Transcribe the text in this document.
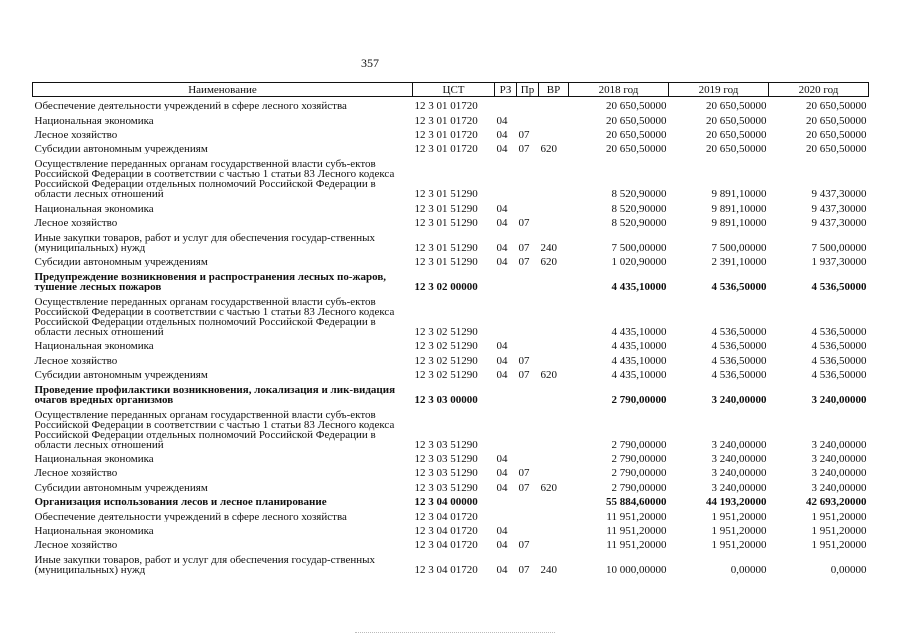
357
Наименование	ЦСТ	РЗ	Пр	ВР	2018 год	2019 год	2020 год
Обеспечение деятельности учреждений в сфере лесного хозяйства	12 3 01 01720				20 650,50000	20 650,50000	20 650,50000
Национальная экономика	12 3 01 01720	04			20 650,50000	20 650,50000	20 650,50000
Лесное хозяйство	12 3 01 01720	04	07		20 650,50000	20 650,50000	20 650,50000
Субсидии автономным учреждениям	12 3 01 01720	04	07	620	20 650,50000	20 650,50000	20 650,50000
Осуществление переданных органам государственной власти субъ-ектов Российской Федерации в соответствии с частью 1 статьи 83 Лесного кодекса Российской Федерации отдельных полномочий Российской Федерации в области лесных отношений	12 3 01 51290				8 520,90000	9 891,10000	9 437,30000
Национальная экономика	12 3 01 51290	04			8 520,90000	9 891,10000	9 437,30000
Лесное хозяйство	12 3 01 51290	04	07		8 520,90000	9 891,10000	9 437,30000
Иные закупки товаров, работ и услуг для обеспечения государ-ственных (муниципальных) нужд	12 3 01 51290	04	07	240	7 500,00000	7 500,00000	7 500,00000
Субсидии автономным учреждениям	12 3 01 51290	04	07	620	1 020,90000	2 391,10000	1 937,30000
Предупреждение возникновения и распространения лесных по-жаров, тушение лесных пожаров	12 3 02 00000				4 435,10000	4 536,50000	4 536,50000
Осуществление переданных органам государственной власти субъ-ектов Российской Федерации в соответствии с частью 1 статьи 83 Лесного кодекса Российской Федерации отдельных полномочий Российской Федерации в области лесных отношений	12 3 02 51290				4 435,10000	4 536,50000	4 536,50000
Национальная экономика	12 3 02 51290	04			4 435,10000	4 536,50000	4 536,50000
Лесное хозяйство	12 3 02 51290	04	07		4 435,10000	4 536,50000	4 536,50000
Субсидии автономным учреждениям	12 3 02 51290	04	07	620	4 435,10000	4 536,50000	4 536,50000
Проведение профилактики возникновения, локализация и лик-видация очагов вредных организмов	12 3 03 00000				2 790,00000	3 240,00000	3 240,00000
Осуществление переданных органам государственной власти субъ-ектов Российской Федерации в соответствии с частью 1 статьи 83 Лесного кодекса Российской Федерации отдельных полномочий Российской Федерации в области лесных отношений	12 3 03 51290				2 790,00000	3 240,00000	3 240,00000
Национальная экономика	12 3 03 51290	04			2 790,00000	3 240,00000	3 240,00000
Лесное хозяйство	12 3 03 51290	04	07		2 790,00000	3 240,00000	3 240,00000
Субсидии автономным учреждениям	12 3 03 51290	04	07	620	2 790,00000	3 240,00000	3 240,00000
Организация использования лесов и лесное планирование	12 3 04 00000				55 884,60000	44 193,20000	42 693,20000
Обеспечение деятельности учреждений в сфере лесного хозяйства	12 3 04 01720				11 951,20000	1 951,20000	1 951,20000
Национальная экономика	12 3 04 01720	04			11 951,20000	1 951,20000	1 951,20000
Лесное хозяйство	12 3 04 01720	04	07		11 951,20000	1 951,20000	1 951,20000
Иные закупки товаров, работ и услуг для обеспечения государ-ственных (муниципальных) нужд	12 3 04 01720	04	07	240	10 000,00000	0,00000	0,00000
